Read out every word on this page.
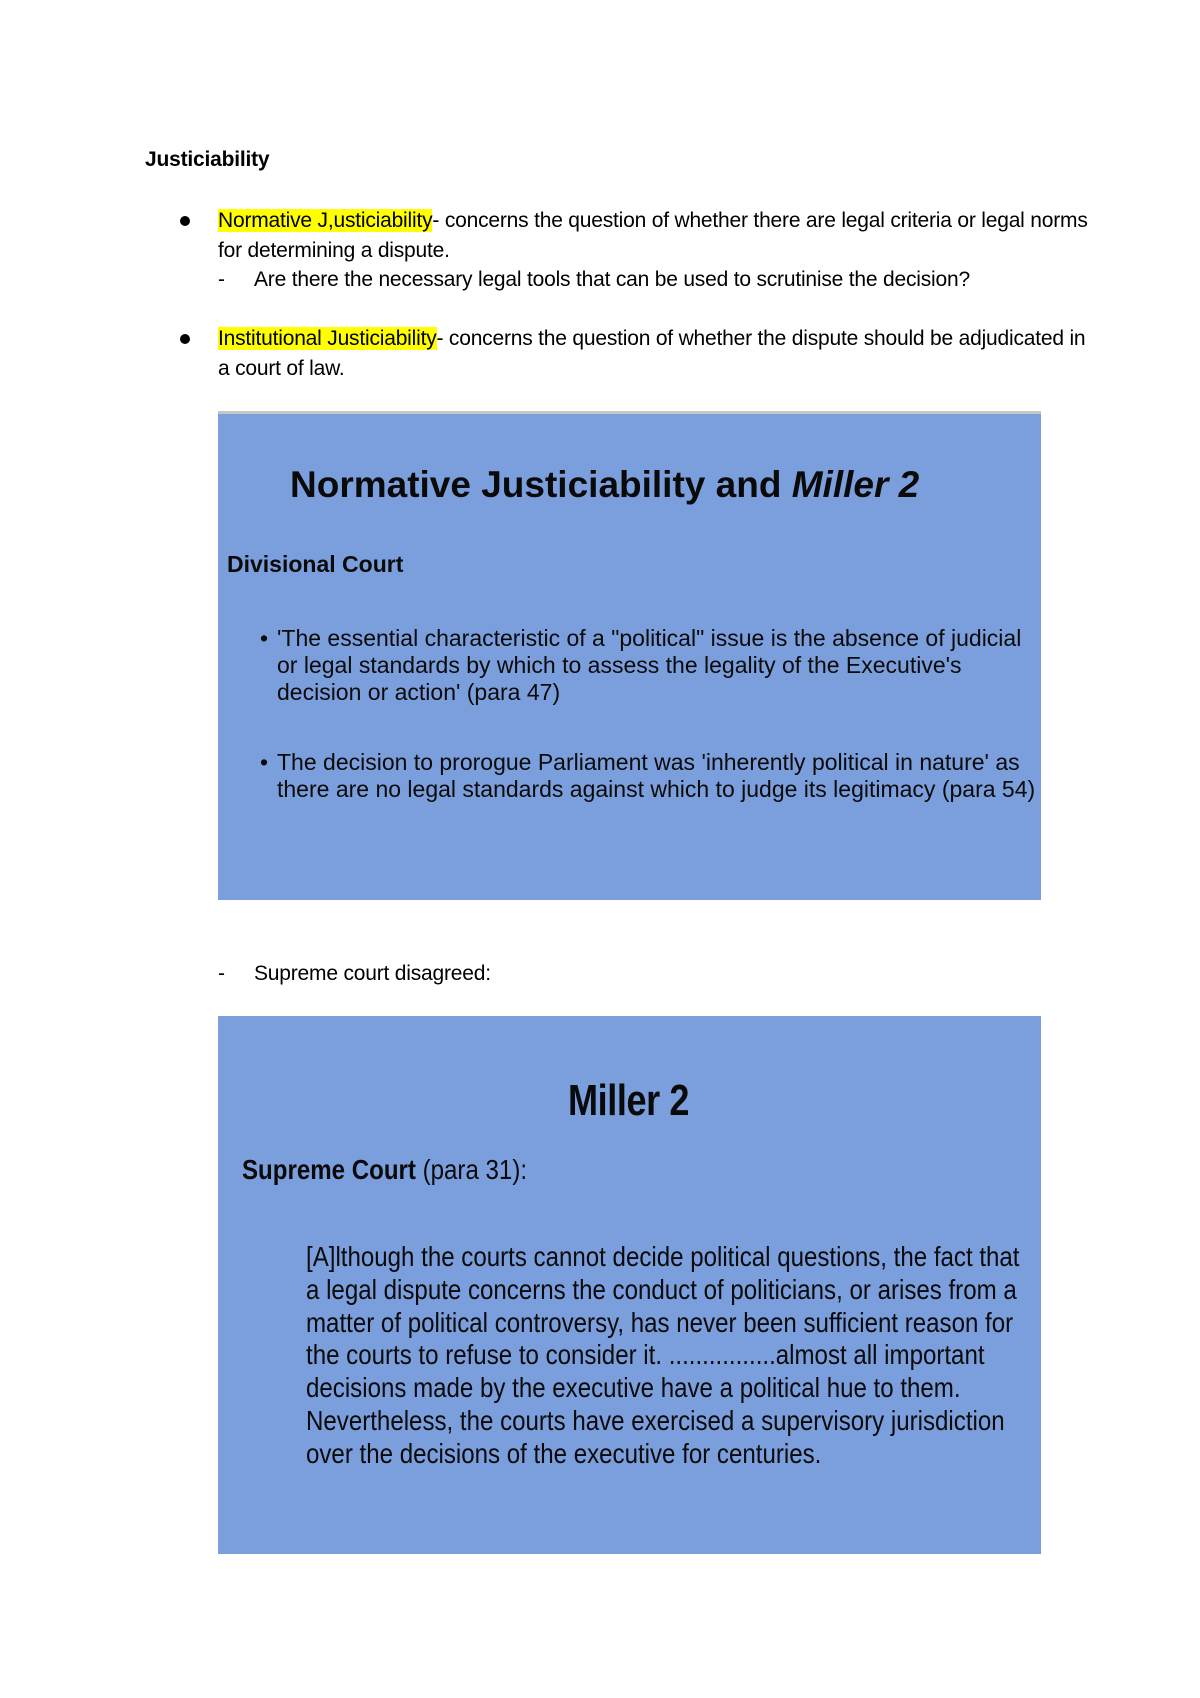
Justiciability
Normative J,usticiability- concerns the question of whether there are legal criteria or legal norms for determining a dispute.
- Are there the necessary legal tools that can be used to scrutinise the decision?
Institutional Justiciability- concerns the question of whether the dispute should be adjudicated in a court of law.
Normative Justiciability and Miller 2
Divisional Court
• 'The essential characteristic of a "political" issue is the absence of judicial or legal standards by which to assess the legality of the Executive's decision or action' (para 47)
• The decision to prorogue Parliament was 'inherently political in nature' as there are no legal standards against which to judge its legitimacy (para 54)
- Supreme court disagreed:
Miller 2
Supreme Court (para 31):
[A]lthough the courts cannot decide political questions, the fact that a legal dispute concerns the conduct of politicians, or arises from a matter of political controversy, has never been sufficient reason for the courts to refuse to consider it. ................almost all important decisions made by the executive have a political hue to them. Nevertheless, the courts have exercised a supervisory jurisdiction over the decisions of the executive for centuries.
